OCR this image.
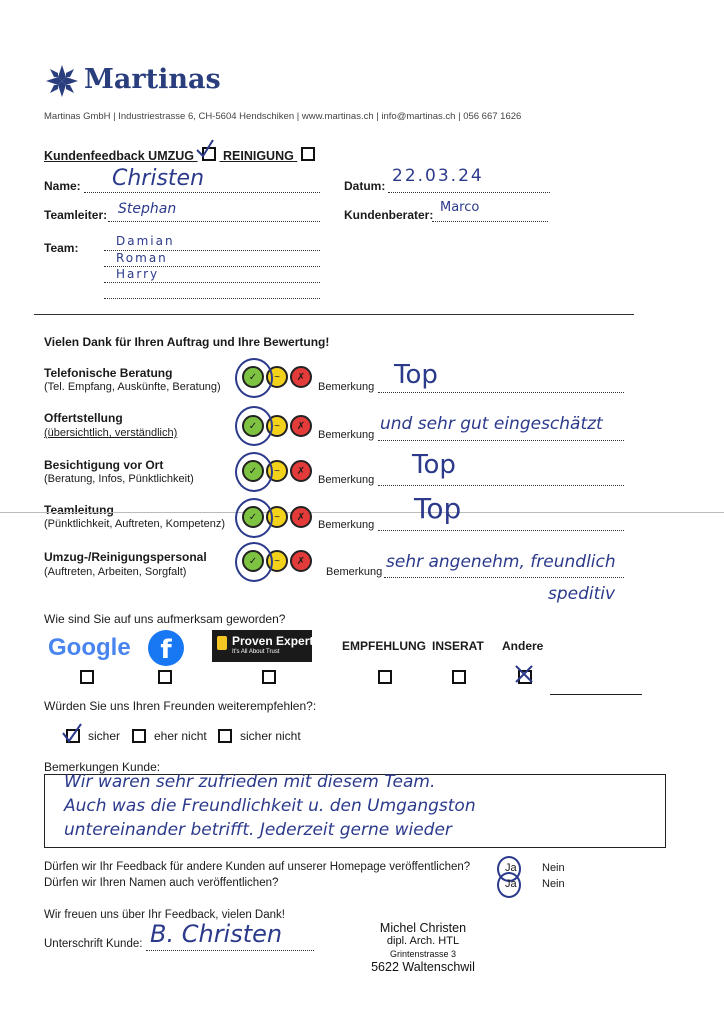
Martinas
Martinas GmbH | Industriestrasse 6, CH-5604 Hendschiken | www.martinas.ch | info@martinas.ch | 056 667 1626
Kundenfeedback UMZUG REINIGUNG
Name: Christen	Datum: 22.03.24
Teamleiter: Stephan	Kundenberater: Marco
Team:	Damian
Roman
Harry
Vielen Dank für Ihren Auftrag und Ihre Bewertung!
Telefonische Beratung
(Tel. Empfang, Auskünfte, Beratung)
✓	~	✗
Bemerkung Top
Offertstellung
(übersichtlich, verständlich)
✓	~	✗
Bemerkung
und sehr gut eingeschätzt
Besichtigung vor Ort
(Beratung, Infos, Pünktlichkeit)
✓	~	✗
Bemerkung Top
Teamleitung
(Pünktlichkeit, Auftreten, Kompetenz)
✓	~	✗
Bemerkung Top
Umzug-/Reinigungspersonal
(Auftreten, Arbeiten, Sorgfalt)
✓	~	✗
Bemerkung sehr angenehm, freundlich
speditiv
Wie sind Sie auf uns aufmerksam geworden?
Google f	Proven Expert
It's All About Trust	EMPFEHLUNG INSERAT Andere
Würden Sie uns Ihren Freunden weiterempfehlen?:
sicher	eher nicht	sicher nicht
Bemerkungen Kunde:
Wir waren sehr zufrieden mit diesem Team.
Auch was die Freundlichkeit u. den Umgangston
untereinander betrifft. Jederzeit gerne wieder
Dürfen wir Ihr Feedback für andere Kunden auf unserer Homepage veröffentlichen?	Ja Nein
Dürfen wir Ihren Namen auch veröffentlichen?	Ja Nein
Wir freuen uns über Ihr Feedback, vielen Dank!
Unterschrift Kunde: B. Christen	Michel Christen
dipl. Arch. HTL
Grintenstrasse 3
5622 Waltenschwil
